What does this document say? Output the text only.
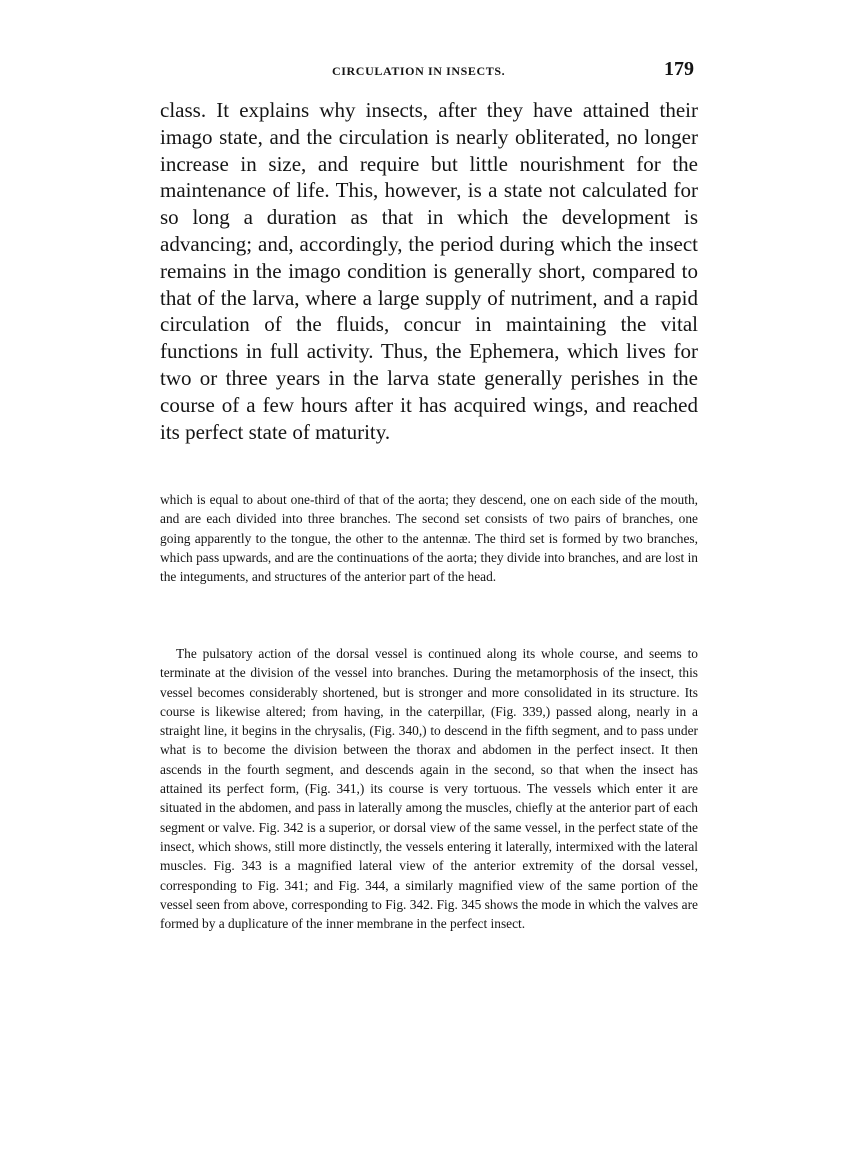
CIRCULATION IN INSECTS.	179

class. It explains why insects, after they have attained their imago state, and the circulation is nearly obliterated, no longer increase in size, and require but little nourishment for the maintenance of life. This, however, is a state not calculated for so long a duration as that in which the development is advancing; and, accordingly, the period during which the insect remains in the imago condition is generally short, compared to that of the larva, where a large supply of nutriment, and a rapid circulation of the fluids, concur in maintaining the vital functions in full activity. Thus, the Ephemera, which lives for two or three years in the larva state generally perishes in the course of a few hours after it has acquired wings, and reached its perfect state of maturity.

which is equal to about one-third of that of the aorta; they descend, one on each side of the mouth, and are each divided into three branches. The second set consists of two pairs of branches, one going apparently to the tongue, the other to the antennæ. The third set is formed by two branches, which pass upwards, and are the continuations of the aorta; they divide into branches, and are lost in the integuments, and structures of the anterior part of the head.

The pulsatory action of the dorsal vessel is continued along its whole course, and seems to terminate at the division of the vessel into branches. During the metamorphosis of the insect, this vessel becomes considerably shortened, but is stronger and more consolidated in its structure. Its course is likewise altered; from having, in the caterpillar, (Fig. 339,) passed along, nearly in a straight line, it begins in the chrysalis, (Fig. 340,) to descend in the fifth segment, and to pass under what is to become the division between the thorax and abdomen in the perfect insect. It then ascends in the fourth segment, and descends again in the second, so that when the insect has attained its perfect form, (Fig. 341,) its course is very tortuous. The vessels which enter it are situated in the abdomen, and pass in laterally among the muscles, chiefly at the anterior part of each segment or valve. Fig. 342 is a superior, or dorsal view of the same vessel, in the perfect state of the insect, which shows, still more distinctly, the vessels entering it laterally, intermixed with the lateral muscles. Fig. 343 is a magnified lateral view of the anterior extremity of the dorsal vessel, corresponding to Fig. 341; and Fig. 344, a similarly magnified view of the same portion of the vessel seen from above, corresponding to Fig. 342. Fig. 345 shows the mode in which the valves are formed by a duplicature of the inner membrane in the perfect insect.
